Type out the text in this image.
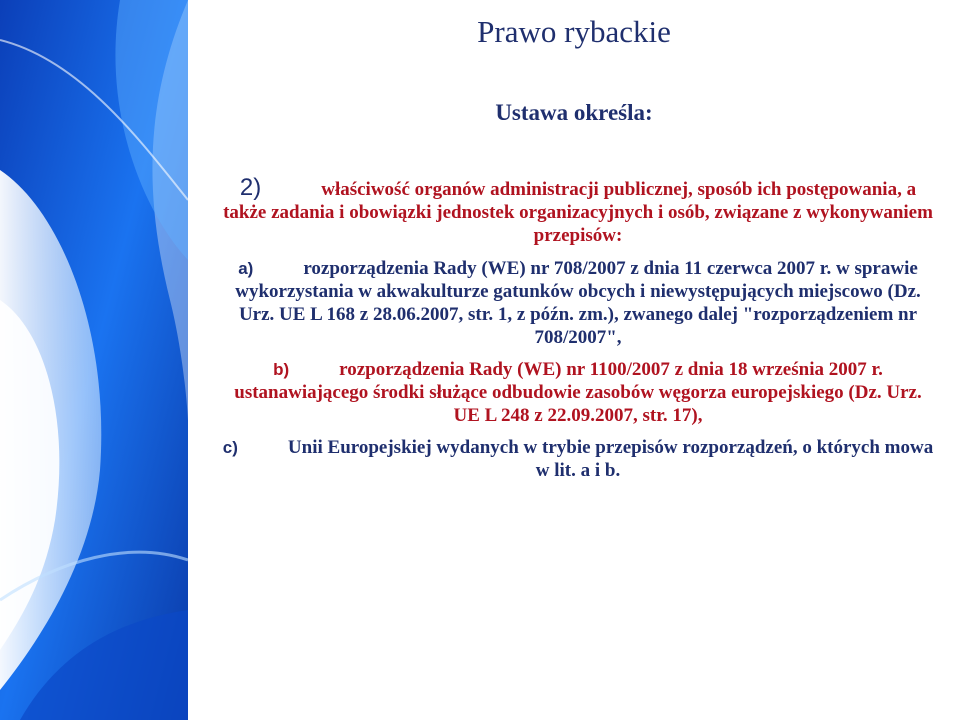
Prawo rybackie
Ustawa określa:

2)	właściwość organów administracji publicznej, sposób ich postępowania, a także zadania i obowiązki jednostek organizacyjnych i osób, związane z wykonywaniem przepisów:

a)	rozporządzenia Rady (WE) nr 708/2007 z dnia 11 czerwca 2007 r. w sprawie wykorzystania w akwakulturze gatunków obcych i niewystępujących miejscowo (Dz. Urz. UE L 168 z 28.06.2007, str. 1, z późn. zm.), zwanego dalej "rozporządzeniem nr 708/2007",

b)	rozporządzenia Rady (WE) nr 1100/2007 z dnia 18 września 2007 r. ustanawiającego środki służące odbudowie zasobów węgorza europejskiego (Dz. Urz. UE L 248 z 22.09.2007, str. 17),

c)	Unii Europejskiej wydanych w trybie przepisów rozporządzeń, o których mowa w lit. a i b.
